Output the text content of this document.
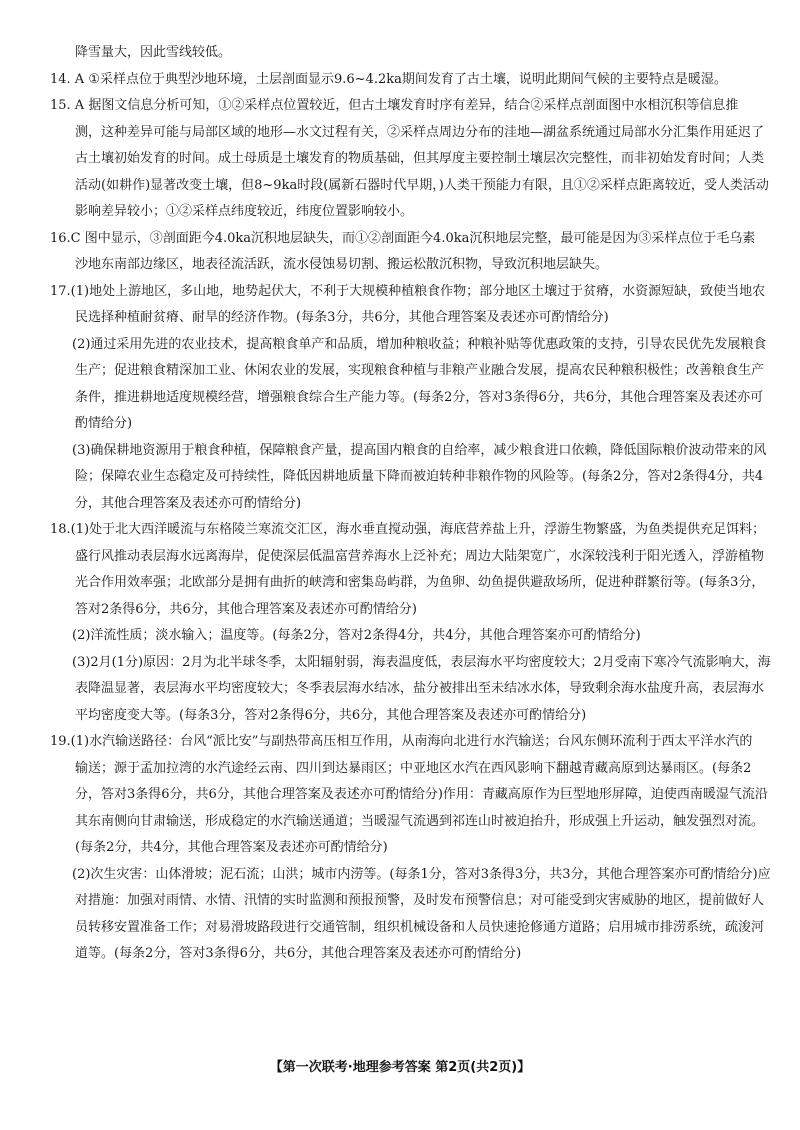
降雪量大，因此雪线较低。
14. A ①采样点位于典型沙地环境，土层剖面显示9.6~4.2ka期间发育了古土壤，说明此期间气候的主要特点是暖湿。
15. A 据图文信息分析可知，①②采样点位置较近，但古土壤发育时序有差异，结合②采样点剖面图中水相沉积等信息推
测，这种差异可能与局部区域的地形—水文过程有关，②采样点周边分布的洼地—湖盆系统通过局部水分汇集作用延迟了
古土壤初始发育的时间。成土母质是土壤发育的物质基础，但其厚度主要控制土壤层次完整性，而非初始发育时间；人类
活动(如耕作)显著改变土壤，但8~9ka时段(属新石器时代早期，)人类干预能力有限，且①②采样点距离较近，受人类活动
影响差异较小；①②采样点纬度较近，纬度位置影响较小。
16.C 图中显示，③剖面距今4.0ka沉积地层缺失，而①②剖面距今4.0ka沉积地层完整，最可能是因为③采样点位于毛乌素
沙地东南部边缘区，地表径流活跃，流水侵蚀易切割、搬运松散沉积物，导致沉积地层缺失。
17.(1)地处上游地区，多山地，地势起伏大，不利于大规模种植粮食作物；部分地区土壤过于贫瘠，水资源短缺，致使当地农
民选择种植耐贫瘠、耐旱的经济作物。(每条3分，共6分，其他合理答案及表述亦可酌情给分)
(2)通过采用先进的农业技术，提高粮食单产和品质，增加种粮收益；种粮补贴等优惠政策的支持，引导农民优先发展粮食
生产；促进粮食精深加工业、休闲农业的发展，实现粮食种植与非粮产业融合发展，提高农民种粮积极性；改善粮食生产
条件，推进耕地适度规模经营，增强粮食综合生产能力等。(每条2分，答对3条得6分，共6分，其他合理答案及表述亦可
酌情给分)
(3)确保耕地资源用于粮食种植，保障粮食产量，提高国内粮食的自给率，减少粮食进口依赖，降低国际粮价波动带来的风
险；保障农业生态稳定及可持续性，降低因耕地质量下降而被迫转种非粮作物的风险等。(每条2分，答对2条得4分，共4
分，其他合理答案及表述亦可酌情给分)
18.(1)处于北大西洋暖流与东格陵兰寒流交汇区，海水垂直搅动强，海底营养盐上升，浮游生物繁盛，为鱼类提供充足饵料；
盛行风推动表层海水远离海岸，促使深层低温富营养海水上泛补充；周边大陆架宽广，水深较浅利于阳光透入，浮游植物
光合作用效率强；北欧部分是拥有曲折的峡湾和密集岛屿群，为鱼卵、幼鱼提供避敌场所，促进种群繁衍等。(每条3分，
答对2条得6分，共6分，其他合理答案及表述亦可酌情给分)
(2)洋流性质；淡水输入；温度等。(每条2分，答对2条得4分，共4分，其他合理答案亦可酌情给分)
(3)2月(1分)原因：2月为北半球冬季，太阳辐射弱，海表温度低，表层海水平均密度较大；2月受南下寒冷气流影响大，海
表降温显著，表层海水平均密度较大；冬季表层海水结冰，盐分被排出至未结冰水体，导致剩余海水盐度升高，表层海水
平均密度变大等。(每条3分，答对2条得6分，共6分，其他合理答案及表述亦可酌情给分)
19.(1)水汽输送路径：台风“派比安”与副热带高压相互作用，从南海向北进行水汽输送；台风东侧环流利于西太平洋水汽的
输送；源于孟加拉湾的水汽途经云南、四川到达暴雨区；中亚地区水汽在西风影响下翻越青藏高原到达暴雨区。(每条2
分，答对3条得6分，共6分，其他合理答案及表述亦可酌情给分)作用：青藏高原作为巨型地形屏障，迫使西南暖湿气流沿
其东南侧向甘肃输送，形成稳定的水汽输送通道；当暖湿气流遇到祁连山时被迫抬升，形成强上升运动，触发强烈对流。
(每条2分，共4分，其他合理答案及表述亦可酌情给分)
(2)次生灾害：山体滑坡；泥石流；山洪；城市内涝等。(每条1分，答对3条得3分，共3分，其他合理答案亦可酌情给分)应
对措施：加强对雨情、水情、汛情的实时监测和预报预警，及时发布预警信息；对可能受到灾害威胁的地区，提前做好人
员转移安置准备工作；对易滑坡路段进行交通管制，组织机械设备和人员快速抢修通方道路；启用城市排涝系统，疏浚河
道等。(每条2分，答对3条得6分，共6分，其他合理答案及表述亦可酌情给分)
【第一次联考·地理参考答案 第2页(共2页)】
